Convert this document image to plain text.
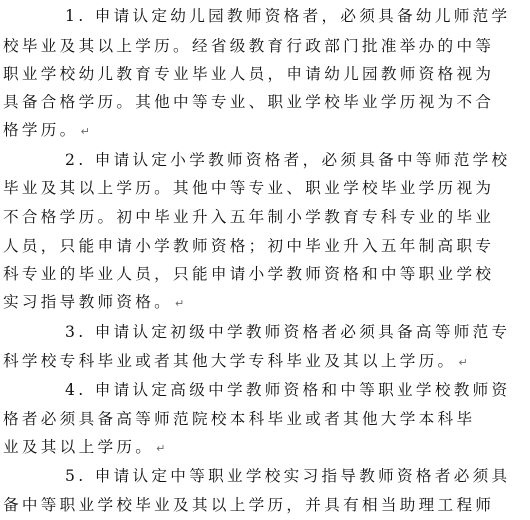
1. 申请认定幼儿园教师资格者，必须具备幼儿师范学
校毕业及其以上学历。经省级教育行政部门批准举办的中等
职业学校幼儿教育专业毕业人员，申请幼儿园教师资格视为
具备合格学历。其他中等专业、职业学校毕业学历视为不合
格学历。 ↵
2. 申请认定小学教师资格者，必须具备中等师范学校
毕业及其以上学历。其他中等专业、职业学校毕业学历视为
不合格学历。初中毕业升入五年制小学教育专科专业的毕业
人员，只能申请小学教师资格；初中毕业升入五年制高职专
科专业的毕业人员，只能申请小学教师资格和中等职业学校
实习指导教师资格。 ↵
3. 申请认定初级中学教师资格者必须具备高等师范专
科学校专科毕业或者其他大学专科毕业及其以上学历。 ↵
4. 申请认定高级中学教师资格和中等职业学校教师资
格者必须具备高等师范院校本科毕业或者其他大学本科毕
业及其以上学历。 ↵
5. 申请认定中等职业学校实习指导教师资格者必须具
备中等职业学校毕业及其以上学历，并具有相当助理工程师
